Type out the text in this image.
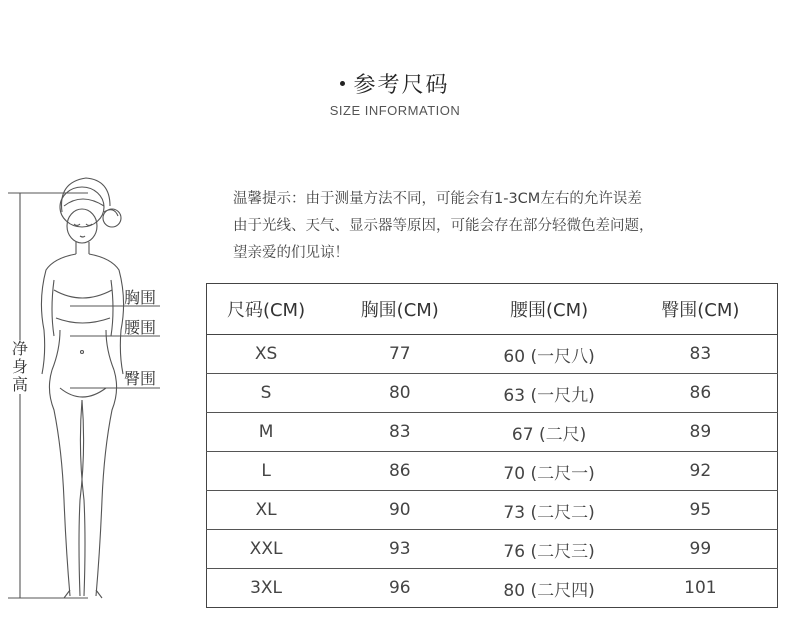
参考尺码
SIZE INFORMATION
温馨提示：由于测量方法不同，可能会有1-3CM左右的允许误差
由于光线、天气、显示器等原因，可能会存在部分轻微色差问题，
望亲爱的们见谅！
胸围
腰围
臀围
净
身
高
尺码(CM)	胸围(CM)	腰围(CM)	臀围(CM)
XS	77	60 (一尺八)	83
S	80	63 (一尺九)	86
M	83	67 (二尺)	89
L	86	70 (二尺一)	92
XL	90	73 (二尺二)	95
XXL	93	76 (二尺三)	99
3XL	96	80 (二尺四)	101
